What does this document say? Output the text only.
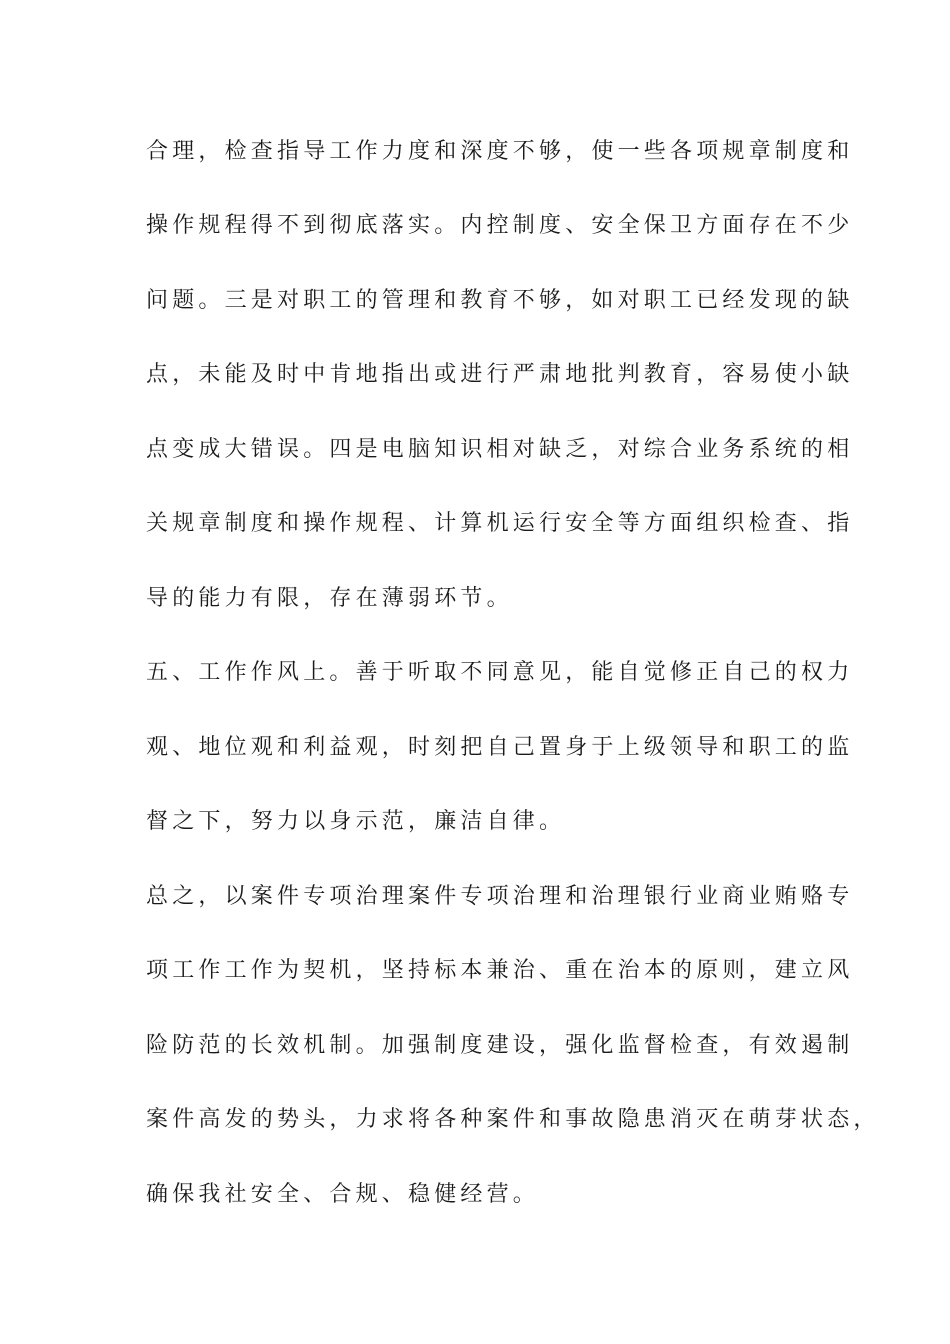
合理，检查指导工作力度和深度不够，使一些各项规章制度和
操作规程得不到彻底落实。内控制度、安全保卫方面存在不少
问题。三是对职工的管理和教育不够，如对职工已经发现的缺
点，未能及时中肯地指出或进行严肃地批判教育，容易使小缺
点变成大错误。四是电脑知识相对缺乏，对综合业务系统的相
关规章制度和操作规程、计算机运行安全等方面组织检查、指
导的能力有限，存在薄弱环节。
五、工作作风上。善于听取不同意见，能自觉修正自己的权力
观、地位观和利益观，时刻把自己置身于上级领导和职工的监
督之下，努力以身示范，廉洁自律。
总之，以案件专项治理案件专项治理和治理银行业商业贿赂专
项工作工作为契机，坚持标本兼治、重在治本的原则，建立风
险防范的长效机制。加强制度建设，强化监督检查，有效遏制
案件高发的势头，力求将各种案件和事故隐患消灭在萌芽状态，
确保我社安全、合规、稳健经营。
